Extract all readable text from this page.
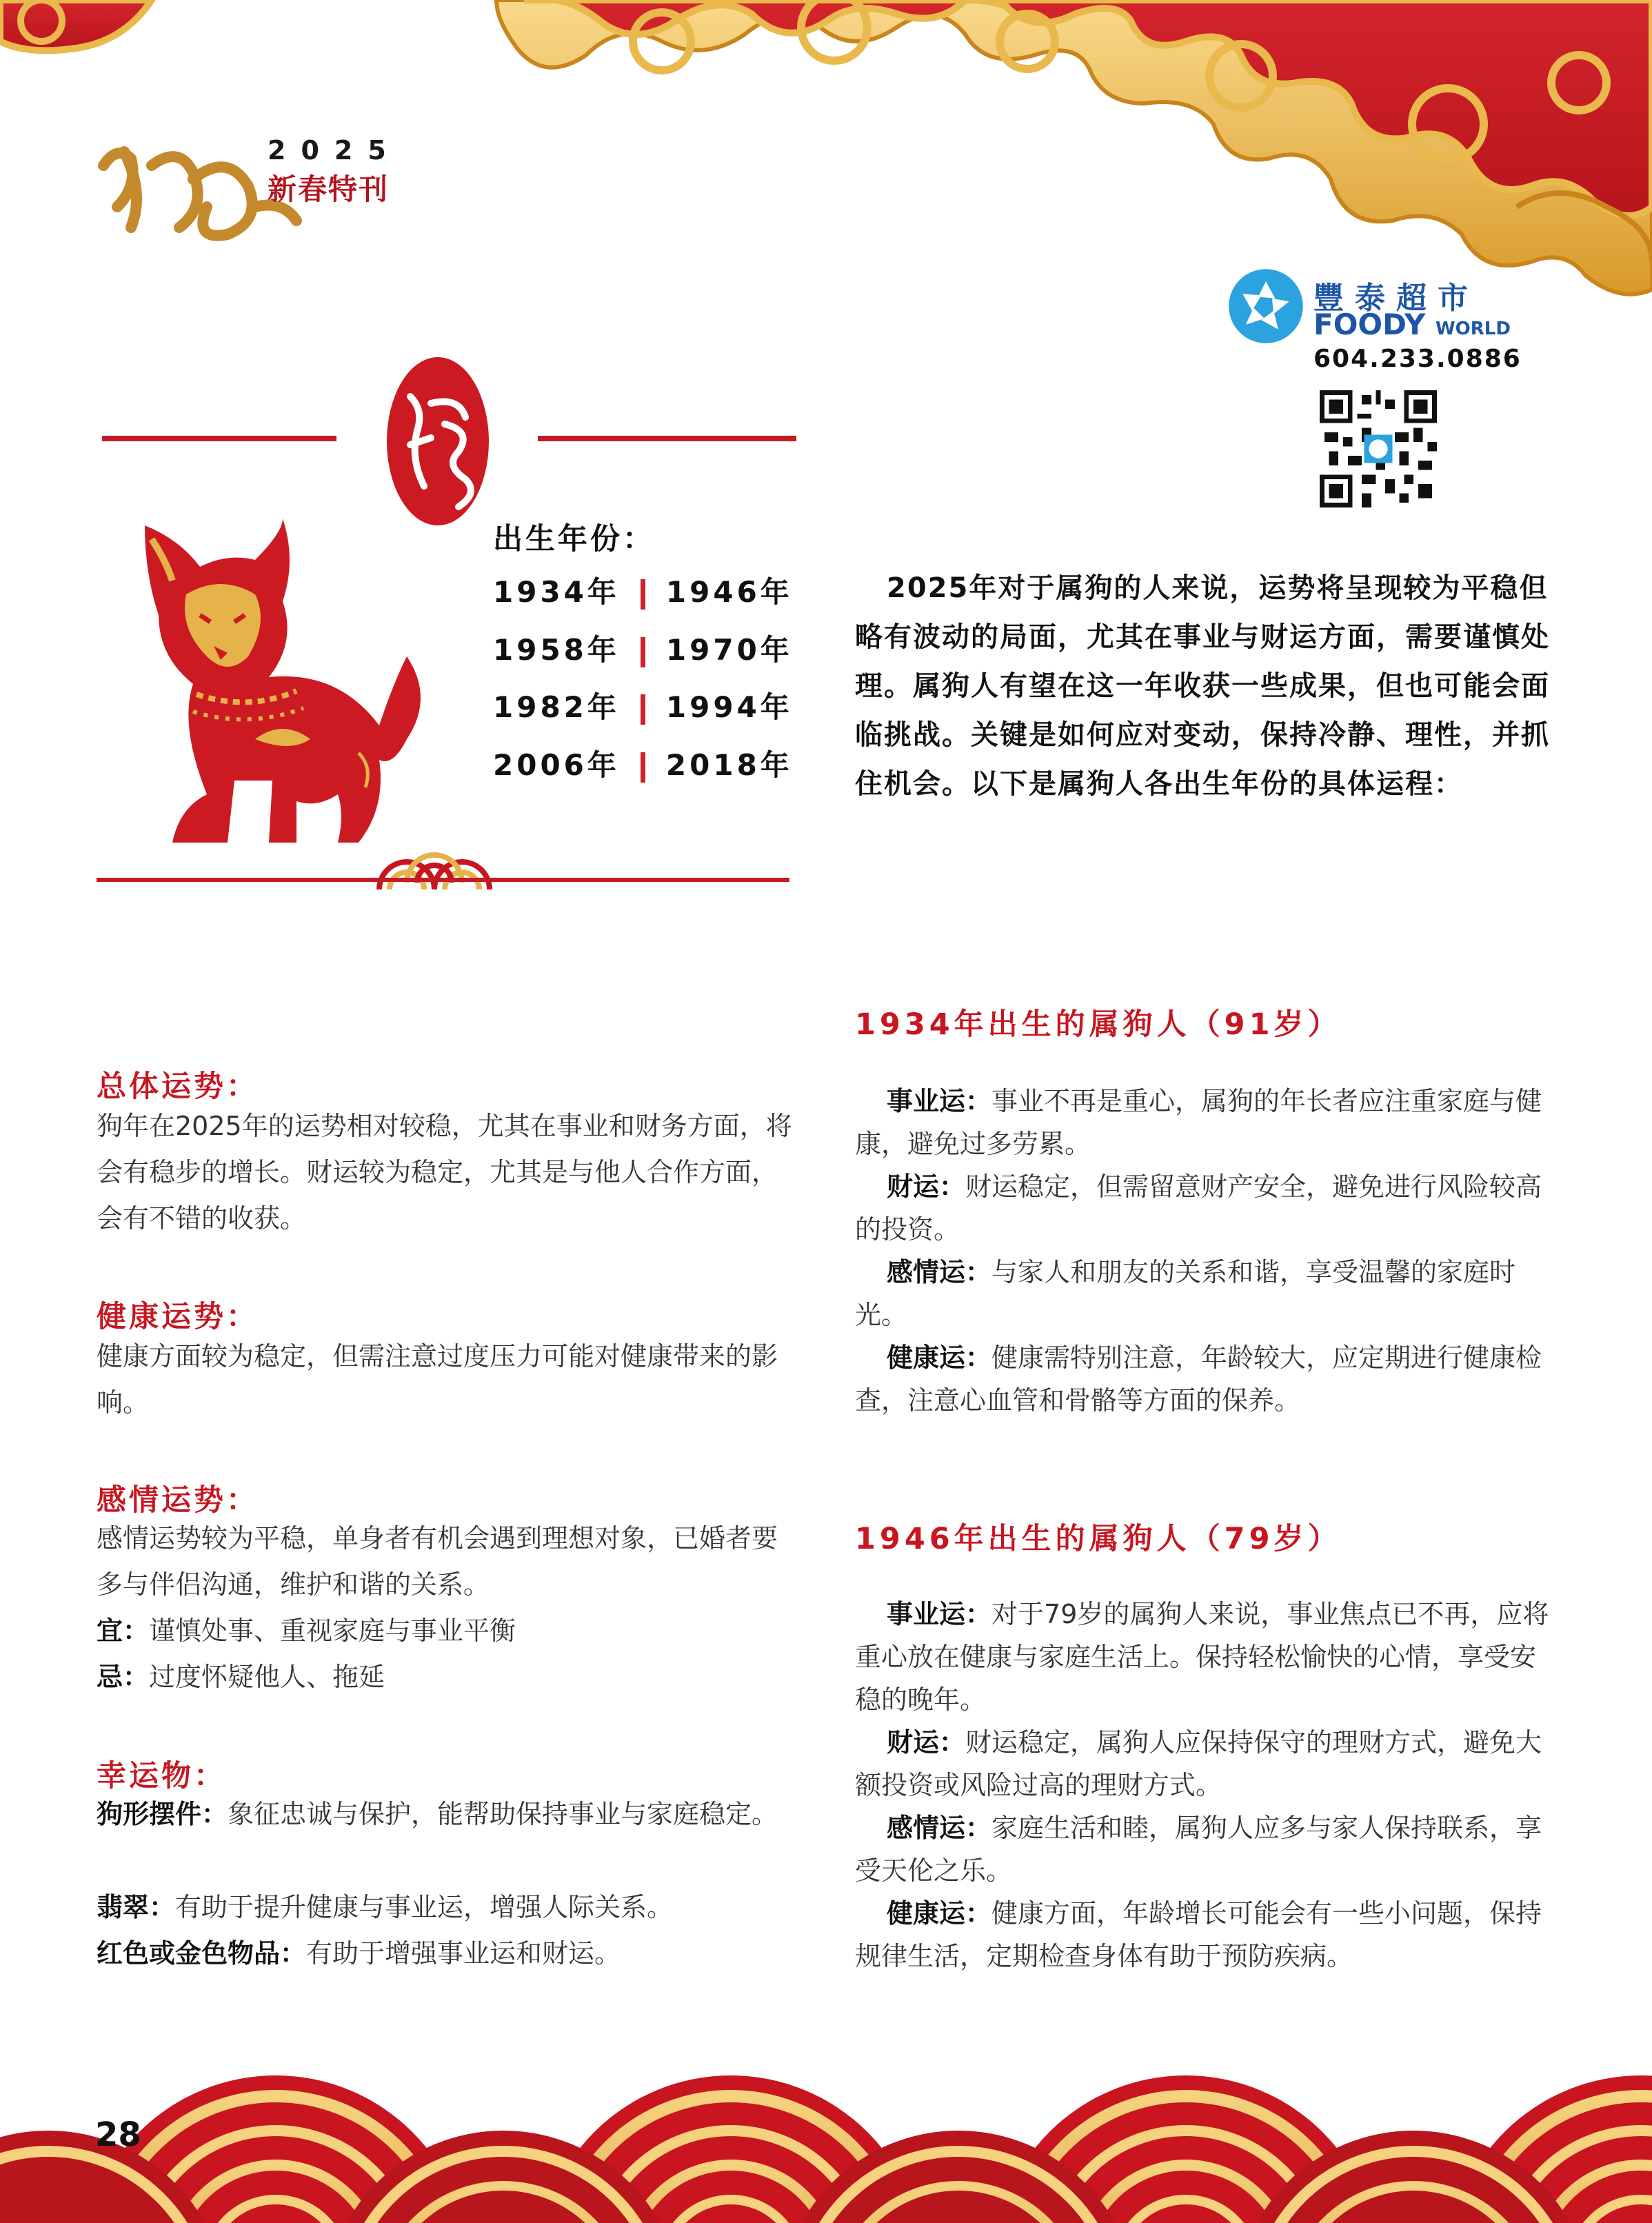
2025
新春特刊
豐泰超市
FOODY WORLD
604.233.0886
出生年份：
1934年 1946年
1958年 1970年
1982年 1994年
2006年 2018年

2025年对于属狗的人来说，运势将呈现较为平稳但略有波动的局面，尤其在事业与财运方面，需要谨慎处理。属狗人有望在这一年收获一些成果，但也可能会面临挑战。关键是如何应对变动，保持冷静、理性，并抓住机会。以下是属狗人各出生年份的具体运程：

总体运势：

狗年在2025年的运势相对较稳，尤其在事业和财务方面，将会有稳步的增长。财运较为稳定，尤其是与他人合作方面，会有不错的收获。

健康运势：

健康方面较为稳定，但需注意过度压力可能对健康带来的影响。

感情运势：

感情运势较为平稳，单身者有机会遇到理想对象，已婚者要多与伴侣沟通，维护和谐的关系。

宜：谨慎处事、重视家庭与事业平衡
忌：过度怀疑他人、拖延
幸运物：
狗形摆件：象征忠诚与保护，能帮助保持事业与家庭稳定。
翡翠：有助于提升健康与事业运，增强人际关系。
红色或金色物品：有助于增强事业运和财运。
1934年出生的属狗人（91岁）

事业运：事业不再是重心，属狗的年长者应注重家庭与健康，避免过多劳累。

财运：财运稳定，但需留意财产安全，避免进行风险较高的投资。

感情运：与家人和朋友的关系和谐，享受温馨的家庭时光。

健康运：健康需特别注意，年龄较大，应定期进行健康检查，注意心血管和骨骼等方面的保养。

1946年出生的属狗人（79岁）

事业运：对于79岁的属狗人来说，事业焦点已不再，应将重心放在健康与家庭生活上。保持轻松愉快的心情，享受安稳的晚年。

财运：财运稳定，属狗人应保持保守的理财方式，避免大额投资或风险过高的理财方式。

感情运：家庭生活和睦，属狗人应多与家人保持联系，享受天伦之乐。

健康运：健康方面，年龄增长可能会有一些小问题，保持规律生活，定期检查身体有助于预防疾病。

28
